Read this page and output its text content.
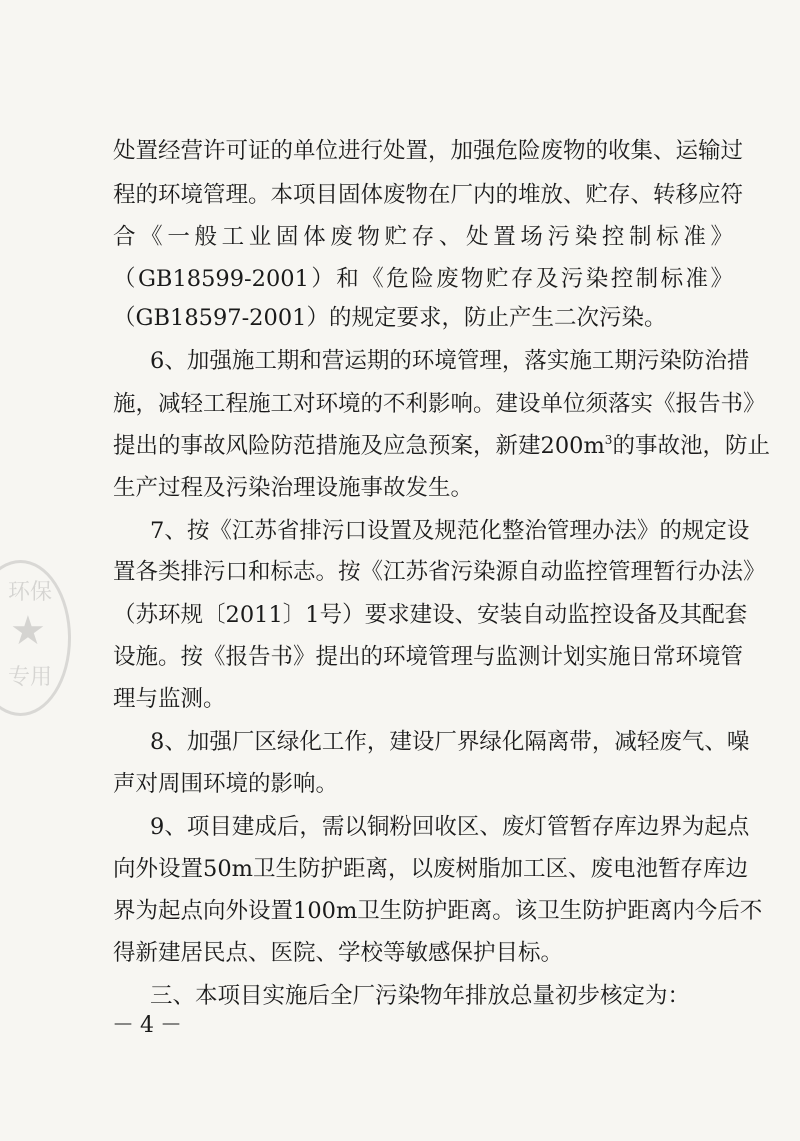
环保
★
专用
处置经营许可证的单位进行处置，加强危险废物的收集、运输过
程的环境管理。本项目固体废物在厂内的堆放、贮存、转移应符
合《一般工业固体废物贮存、处置场污染控制标准》
（GB18599-2001）和《危险废物贮存及污染控制标准》
（GB18597-2001）的规定要求，防止产生二次污染。
6、加强施工期和营运期的环境管理，落实施工期污染防治措
施，减轻工程施工对环境的不利影响。建设单位须落实《报告书》
提出的事故风险防范措施及应急预案，新建$200m^3$的事故池，防止
生产过程及污染治理设施事故发生。
7、按《江苏省排污口设置及规范化整治管理办法》的规定设
置各类排污口和标志。按《江苏省污染源自动监控管理暂行办法》
（苏环规〔2011〕1号）要求建设、安装自动监控设备及其配套
设施。按《报告书》提出的环境管理与监测计划实施日常环境管
理与监测。
8、加强厂区绿化工作，建设厂界绿化隔离带，减轻废气、噪
声对周围环境的影响。
9、项目建成后，需以铜粉回收区、废灯管暂存库边界为起点
向外设置50m卫生防护距离，以废树脂加工区、废电池暂存库边
界为起点向外设置100m卫生防护距离。该卫生防护距离内今后不
得新建居民点、医院、学校等敏感保护目标。
三、本项目实施后全厂污染物年排放总量初步核定为：
－4－
